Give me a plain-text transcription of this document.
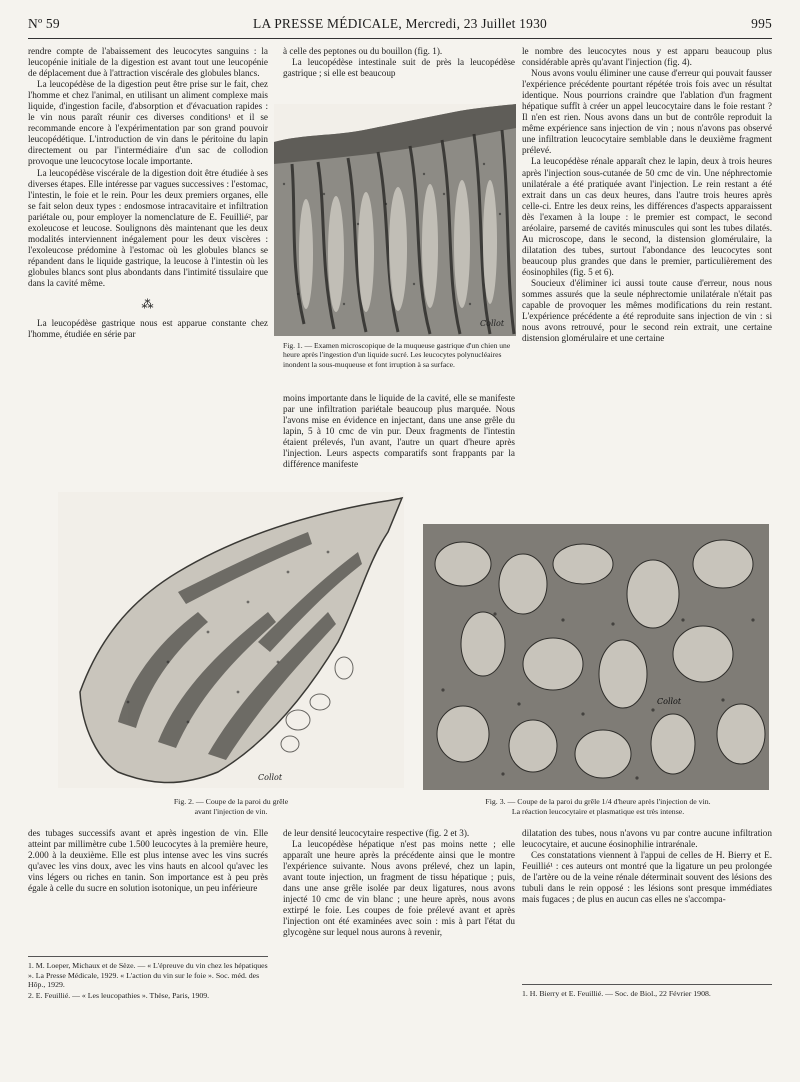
Nº 59	LA PRESSE MÉDICALE, Mercredi, 23 Juillet 1930	995

rendre compte de l'abaissement des leucocytes sanguins : la leucopénie initiale de la digestion est avant tout une leucopénie de déplacement due à l'attraction viscérale des globules blancs.

La leucopédèse de la digestion peut être prise sur le fait, chez l'homme et chez l'animal, en utilisant un aliment complexe mais liquide, d'ingestion facile, d'absorption et d'évacuation rapides : le vin nous paraît réunir ces diverses conditions¹ et il se recommande encore à l'expérimentation par son grand pouvoir leucopédétique. L'introduction de vin dans le péritoine du lapin directement ou par l'intermédiaire d'un sac de collodion provoque une leucocytose locale importante.

La leucopédèse viscérale de la digestion doit être étudiée à ses diverses étapes. Elle intéresse par vagues successives : l'estomac, l'intestin, le foie et le rein. Pour les deux premiers organes, elle se fait selon deux types : endosmose intracavitaire et infiltration pariétale ou, pour employer la nomenclature de E. Feuillié², par exoleucose et leucose. Soulignons dès maintenant que les deux modalités interviennent inégalement pour les deux viscères : l'exoleucose prédomine à l'estomac où les globules blancs se répandent dans le liquide gastrique, la leucose à l'intestin où les globules blancs sont plus abondants dans l'intimité tissulaire que dans la cavité même.

⁂

La leucopédèse gastrique nous est apparue constante chez l'homme, étudiée en série par

à celle des peptones ou du bouillon (fig. 1).

La leucopédèse intestinale suit de près la leucopédèse gastrique ; si elle est beaucoup

Collot
Fig. 1. — Examen microscopique de la muqueuse gastrique d'un chien une heure après l'ingestion d'un liquide sucré. Les leucocytes polynucléaires inondent la sous-muqueuse et font irruption à sa surface.

moins importante dans le liquide de la cavité, elle se manifeste par une infiltration pariétale beaucoup plus marquée. Nous l'avons mise en évidence en injectant, dans une anse grêle du lapin, 5 à 10 cmc de vin pur. Deux fragments de l'intestin étaient prélevés, l'un avant, l'autre un quart d'heure après l'injection. Leurs aspects comparatifs sont frappants par la différence manifeste

le nombre des leucocytes nous y est apparu beaucoup plus considérable après qu'avant l'injection (fig. 4).

Nous avons voulu éliminer une cause d'erreur qui pouvait fausser l'expérience précédente pourtant répétée trois fois avec un résultat identique. Nous pourrions craindre que l'ablation d'un fragment hépatique suffît à créer un appel leucocytaire dans le foie restant ? Il n'en est rien. Nous avons dans un but de contrôle reproduit la même expérience sans injection de vin ; nous n'avons pas observé une infiltration leucocytaire semblable dans le deuxième fragment prélevé.

La leucopédèse rénale apparaît chez le lapin, deux à trois heures après l'injection sous-cutanée de 50 cmc de vin. Une néphrectomie unilatérale a été pratiquée avant l'injection. Le rein restant a été extrait dans un cas deux heures, dans l'autre trois heures après celle-ci. Entre les deux reins, les différences d'aspects apparaissent dès l'examen à la loupe : le premier est compact, le second aréolaire, parsemé de cavités minuscules qui sont les tubes dilatés. Au microscope, dans le second, la distension glomérulaire, la dilatation des tubes, surtout l'abondance des leucocytes sont beaucoup plus grandes que dans le premier, particulièrement des éosinophiles (fig. 5 et 6).

Soucieux d'éliminer ici aussi toute cause d'erreur, nous nous sommes assurés que la seule néphrectomie unilatérale n'était pas capable de provoquer les mêmes modifications du rein restant. L'expérience précédente a été reproduite sans injection de vin : si nous avons retrouvé, pour le second rein extrait, une certaine distension glomérulaire et une certaine

Collot
Fig. 2. — Coupe de la paroi du grêle
avant l'injection de vin.
Collot
Fig. 3. — Coupe de la paroi du grêle 1/4 d'heure après l'injection de vin.
La réaction leucocytaire et plasmatique est très intense.

des tubages successifs avant et après ingestion de vin. Elle atteint par millimètre cube 1.500 leucocytes à la première heure, 2.000 à la deuxième. Elle est plus intense avec les vins sucrés qu'avec les vins doux, avec les vins hauts en alcool qu'avec les vins légers ou riches en tanin. Son importance est à peu près égale à celle du sucre en solution isotonique, un peu inférieure

1. M. Loeper, Michaux et de Sèze. — « L'épreuve du vin chez les hépatiques ». La Presse Médicale, 1929. « L'action du vin sur le foie ». Soc. méd. des Hôp., 1929.
2. E. Feuillié. — « Les leucopathies ». Thèse, Paris, 1909.

de leur densité leucocytaire respective (fig. 2 et 3).

La leucopédèse hépatique n'est pas moins nette ; elle apparaît une heure après la précédente ainsi que le montre l'expérience suivante. Nous avons prélevé, chez un lapin, avant toute injection, un fragment de tissu hépatique ; puis, dans une anse grêle isolée par deux ligatures, nous avons injecté 10 cmc de vin blanc ; une heure après, nous avons extirpé le foie. Les coupes de foie prélevé avant et après l'injection ont été examinées avec soin : mis à part l'état du glycogène sur lequel nous aurons à revenir,

dilatation des tubes, nous n'avons vu par contre aucune infiltration leucocytaire, et aucune éosinophilie intrarénale.

Ces constatations viennent à l'appui de celles de H. Bierry et E. Feuillié¹ : ces auteurs ont montré que la ligature un peu prolongée de l'artère ou de la veine rénale déterminait souvent des lésions des tubuli dans le rein opposé : les lésions sont presque immédiates mais fugaces ; de plus en aucun cas elles ne s'accompa-

1. H. Bierry et E. Feuillié. — Soc. de Biol., 22 Février 1908.
